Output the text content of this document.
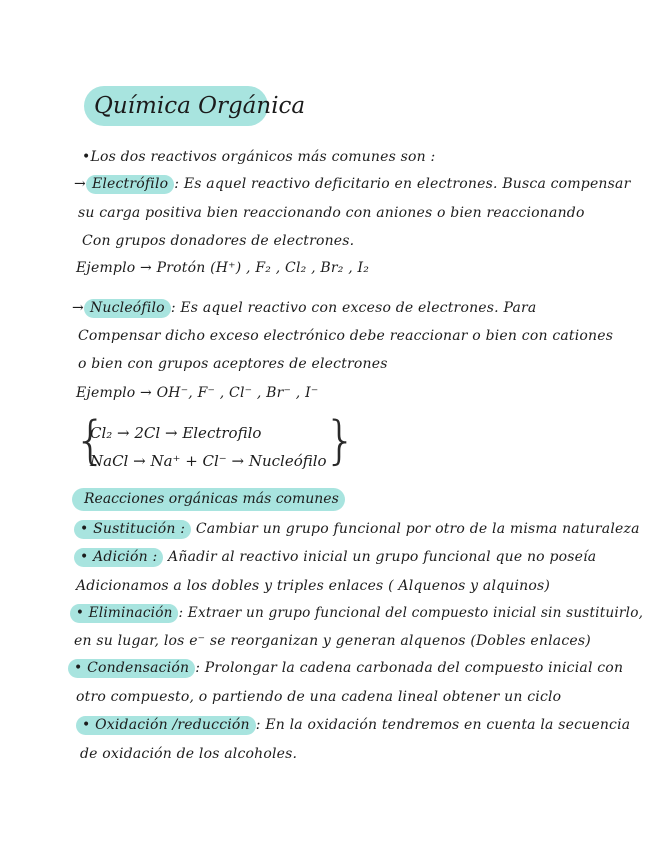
Química Orgánica
•Los dos reactivos orgánicos más comunes son :
→ Electrófilo : Es aquel reactivo deficitario en electrones. Busca compensar
su carga positiva bien reaccionando con aniones o bien reaccionando
Con grupos donadores de electrones.
Ejemplo → Protón (H⁺) , F₂ , Cl₂ , Br₂ , I₂
→ Nucleófilo : Es aquel reactivo con exceso de electrones. Para
Compensar dicho exceso electrónico debe reaccionar o bien con cationes
o bien con grupos aceptores de electrones
Ejemplo → OH⁻, F⁻ , Cl⁻ , Br⁻ , I⁻
{
Cl₂ → 2Cl → Electrofilo
NaCl → Na⁺ + Cl⁻ → Nucleófilo
{
Reacciones orgánicas más comunes
• Sustitución : Cambiar un grupo funcional por otro de la misma naturaleza
• Adición : Añadir al reactivo inicial un grupo funcional que no poseía
Adicionamos a los dobles y triples enlaces ( Alquenos y alquinos)
• Eliminación : Extraer un grupo funcional del compuesto inicial sin sustituirlo,
en su lugar, los e⁻ se reorganizan y generan alquenos (Dobles enlaces)
• Condensación : Prolongar la cadena carbonada del compuesto inicial con
otro compuesto, o partiendo de una cadena lineal obtener un ciclo
• Oxidación /reducción : En la oxidación tendremos en cuenta la secuencia
de oxidación de los alcoholes.
